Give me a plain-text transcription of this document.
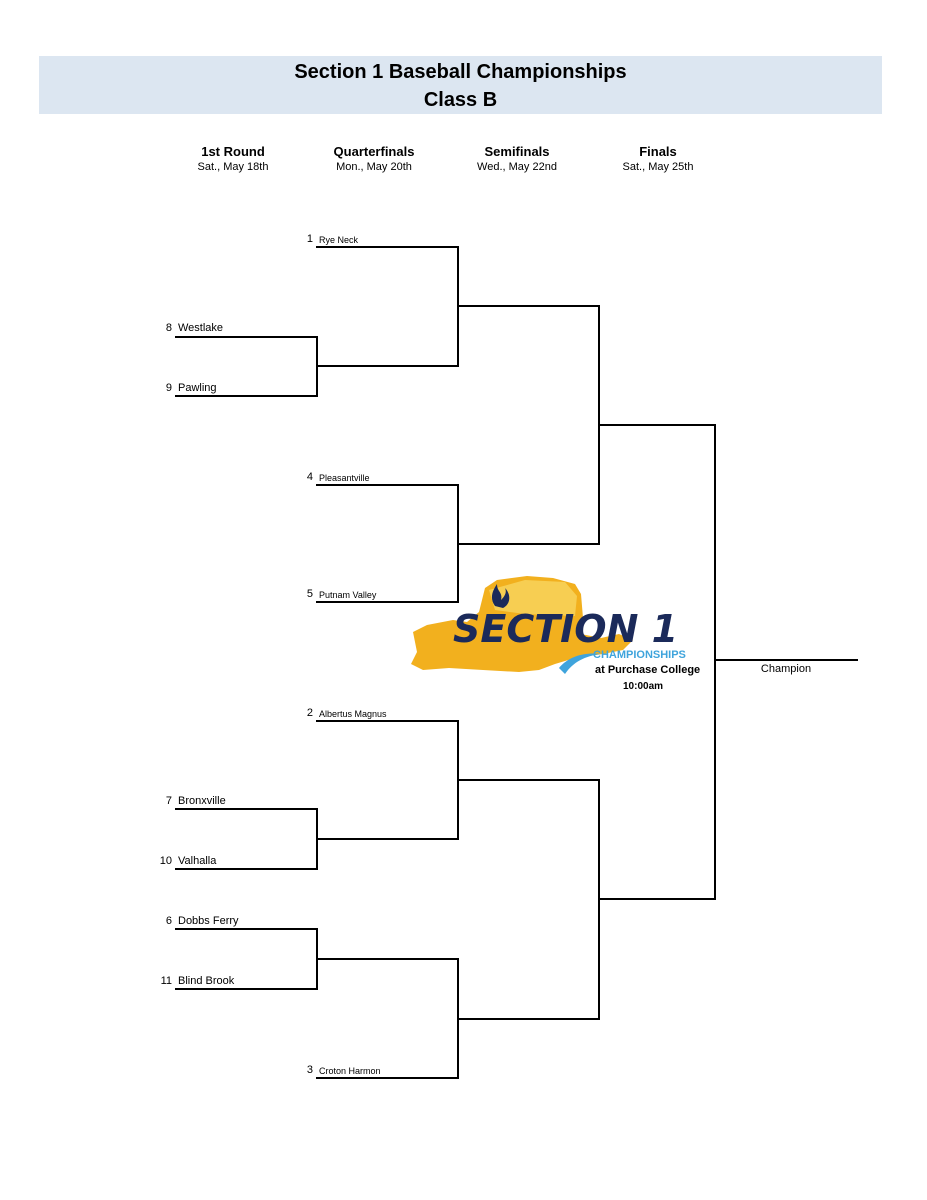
Section 1 Baseball Championships
Class B
1st Round
Sat., May 18th
Quarterfinals
Mon., May 20th
Semifinals
Wed., May 22nd
Finals
Sat., May 25th
8 Westlake
9 Pawling
7 Bronxville
10 Valhalla
6 Dobbs Ferry
11 Blind Brook
1 Rye Neck
4 Pleasantville
5 Putnam Valley
2 Albertus Magnus
3 Croton Harmon
Champion
SECTION 1
CHAMPIONSHIPS
at Purchase College
10:00am
